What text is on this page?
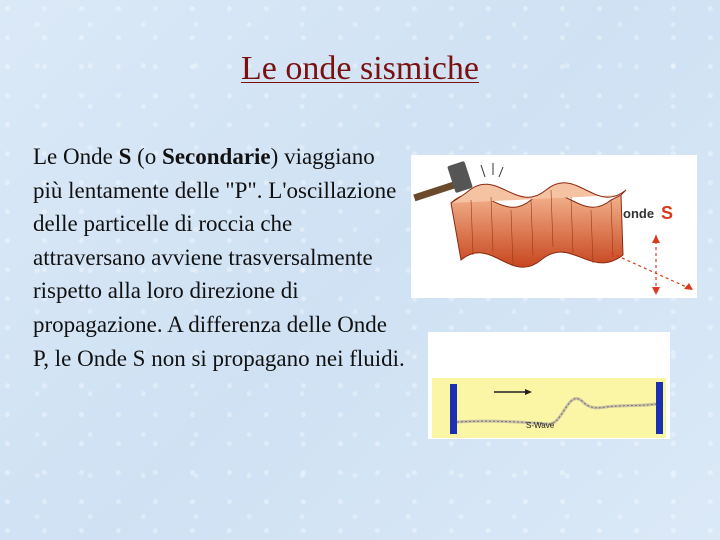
Le onde sismiche
Le Onde S (o Secondarie) viaggiano più lentamente delle "P". L'oscillazione delle particelle di roccia che attraversano avviene trasversalmente rispetto alla loro direzione di propagazione. A differenza delle Onde P, le Onde S non si propagano nei fluidi.
onde S
S-Wave
